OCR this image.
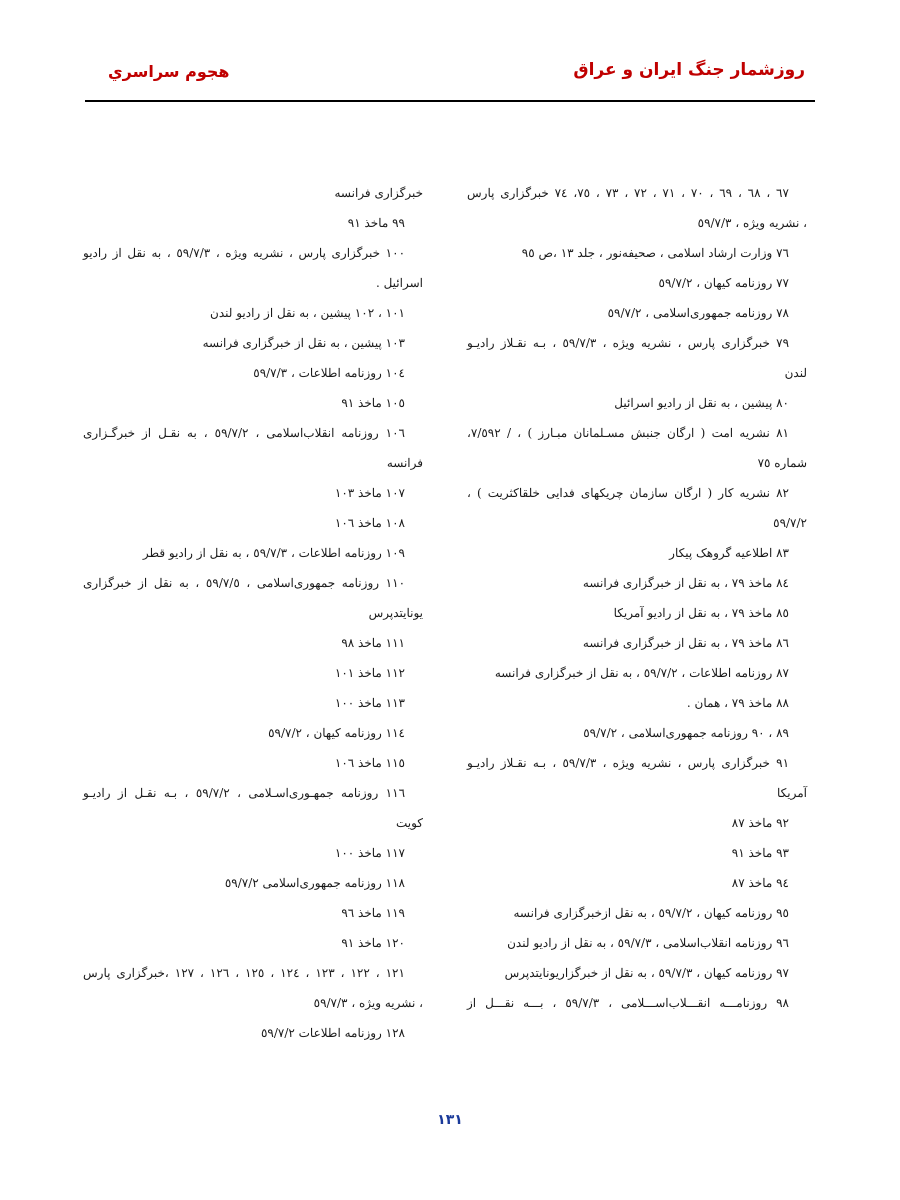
روزشمار جنگ ایران و عراق
هجوم سراسري
٦٧ ، ٦٨ ، ٦٩ ، ٧٠ ، ٧١ ، ٧٢ ، ٧٣ ، ٧٥، ٧٤ خبرگزاری پارس
، نشریه ویژه ، ٥٩/٧/٣
٧٦ وزارت ارشاد اسلامی ، صحیفه‌نور ، جلد ١٣ ،ص ٩٥
٧٧ روزنامه کیهان ، ٥٩/٧/٢
٧٨ روزنامه جمهوری‌اسلامی ، ٥٩/٧/٢
٧٩ خبرگزاری پارس ، نشریه ویژه ، ٥٩/٧/٣ ، بـه نقـلاز رادیـو
لندن
٨٠ پیشین ، به نقل از رادیو اسرائیل
٨١ نشریه امت ( ارگان جنبش مسـلمانان مبـارز ) ، / ٧/٥٩٢،
شماره ٧٥
٨٢ نشریه کار ( ارگان سازمان چریکهای فدایی خلقاکثریت ) ،
٥٩/٧/٢
٨٣ اطلاعیه گروهک پیکار
٨٤ ماخذ ٧٩ ، به نقل از خبرگزاری فرانسه
٨٥ ماخذ ٧٩ ، به نقل از رادیو آمریکا
٨٦ ماخذ ٧٩ ، به نقل از خبرگزاری فرانسه
٨٧ روزنامه اطلاعات ، ٥٩/٧/٢ ، به نقل از خبرگزاری فرانسه
٨٨ ماخذ ٧٩ ، همان .
٨٩ ، ٩٠ روزنامه جمهوری‌اسلامی ، ٥٩/٧/٢
٩١ خبرگزاری پارس ، نشریه ویژه ، ٥٩/٧/٣ ، بـه نقـلاز رادیـو
آمریکا
٩٢ ماخذ ٨٧
٩٣ ماخذ ٩١
٩٤ ماخذ ٨٧
٩٥ روزنامه کیهان ، ٥٩/٧/٢ ، به نقل ازخبرگزاری فرانسه
٩٦ روزنامه انقلاب‌اسلامی ، ٥٩/٧/٣ ، به نقل از رادیو لندن
٩٧ روزنامه کیهان ، ٥٩/٧/٣ ، به نقل از خبرگزاریونایتدپرس
٩٨ روزنامـــه انقـــلاب‌اســـلامی ، ٥٩/٧/٣ ، بـــه نقـــل از
خبرگزاری فرانسه
٩٩ ماخذ ٩١
١٠٠ خبرگزاری پارس ، نشریه ویژه ، ٥٩/٧/٣ ، به نقل از رادیو
اسرائیل .
١٠١ ، ١٠٢ پیشین ، به نقل از رادیو لندن
١٠٣ پیشین ، به نقل از خبرگزاری فرانسه
١٠٤ روزنامه اطلاعات ، ٥٩/٧/٣
١٠٥ ماخذ ٩١
١٠٦ روزنامه انقلاب‌اسلامی ، ٥٩/٧/٢ ، به نقـل از خبرگـزاری
فرانسه
١٠٧ ماخذ ١٠٣
١٠٨ ماخذ ١٠٦
١٠٩ روزنامه اطلاعات ، ٥٩/٧/٣ ، به نقل از رادیو قطر
١١٠ روزنامه جمهوری‌اسلامی ، ٥٩/٧/٥ ، به نقل از خبرگزاری
یونایتدپرس
١١١ ماخذ ٩٨
١١٢ ماخذ ١٠١
١١٣ ماخذ ١٠٠
١١٤ روزنامه کیهان ، ٥٩/٧/٢
١١٥ ماخذ ١٠٦
١١٦ روزنامه جمهـوری‌اسـلامی ، ٥٩/٧/٢ ، بـه نقـل از رادیـو
کویت
١١٧ ماخذ ١٠٠
١١٨ روزنامه جمهوری‌اسلامی ٥٩/٧/٢
١١٩ ماخذ ٩٦
١٢٠ ماخذ ٩١
١٢١ ، ١٢٢ ، ١٢٣ ، ١٢٤ ، ١٢٥ ، ١٢٦ ، ١٢٧ ،خبرگزاری پارس
، نشریه ویژه ، ٥٩/٧/٣
١٢٨ روزنامه اطلاعات ٥٩/٧/٢
١٣١
